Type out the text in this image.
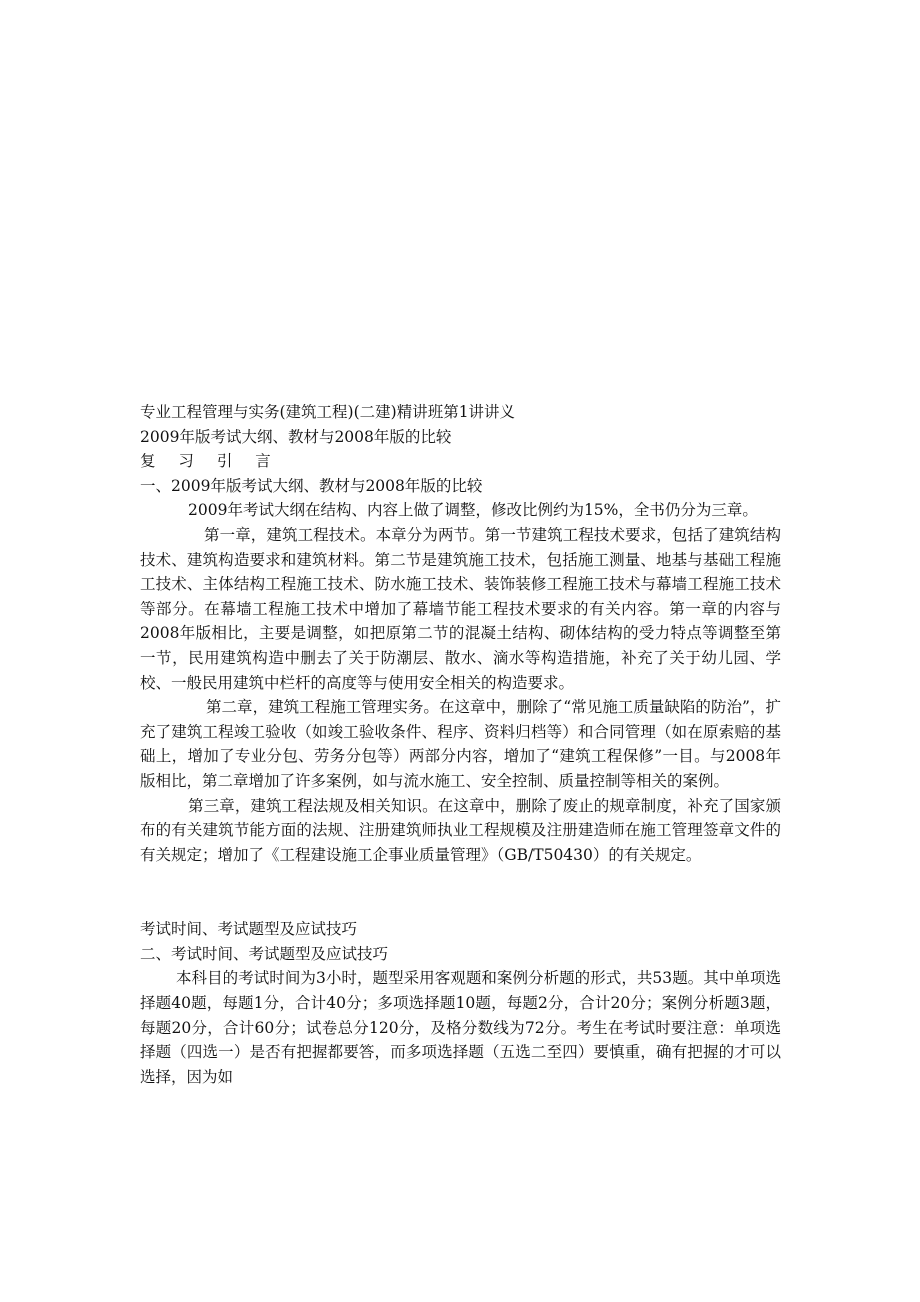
专业工程管理与实务(建筑工程)(二建)精讲班第1讲讲义

2009年版考试大纲、教材与2008年版的比较

复 习 引 言

一、2009年版考试大纲、教材与2008年版的比较

2009年考试大纲在结构、内容上做了调整，修改比例约为15%，全书仍分为三章。

第一章，建筑工程技术。本章分为两节。第一节建筑工程技术要求，包括了建筑结构技术、建筑构造要求和建筑材料。第二节是建筑施工技术，包括施工测量、地基与基础工程施工技术、主体结构工程施工技术、防水施工技术、装饰装修工程施工技术与幕墙工程施工技术等部分。在幕墙工程施工技术中增加了幕墙节能工程技术要求的有关内容。第一章的内容与2008年版相比，主要是调整，如把原第二节的混凝土结构、砌体结构的受力特点等调整至第一节，民用建筑构造中删去了关于防潮层、散水、滴水等构造措施，补充了关于幼儿园、学校、一般民用建筑中栏杆的高度等与使用安全相关的构造要求。

第二章，建筑工程施工管理实务。在这章中，删除了“常见施工质量缺陷的防治”，扩充了建筑工程竣工验收（如竣工验收条件、程序、资料归档等）和合同管理（如在原索赔的基础上，增加了专业分包、劳务分包等）两部分内容，增加了“建筑工程保修”一目。与2008年版相比，第二章增加了许多案例，如与流水施工、安全控制、质量控制等相关的案例。

第三章，建筑工程法规及相关知识。在这章中，删除了废止的规章制度，补充了国家颁布的有关建筑节能方面的法规、注册建筑师执业工程规模及注册建造师在施工管理签章文件的有关规定；增加了《工程建设施工企事业质量管理》（GB/T50430）的有关规定。

考试时间、考试题型及应试技巧

二、考试时间、考试题型及应试技巧

本科目的考试时间为3小时，题型采用客观题和案例分析题的形式，共53题。其中单项选择题40题，每题1分，合计40分；多项选择题10题，每题2分，合计20分；案例分析题3题，每题20分，合计60分；试卷总分120分，及格分数线为72分。考生在考试时要注意：单项选择题（四选一）是否有把握都要答，而多项选择题（五选二至四）要慎重，确有把握的才可以选择，因为如
